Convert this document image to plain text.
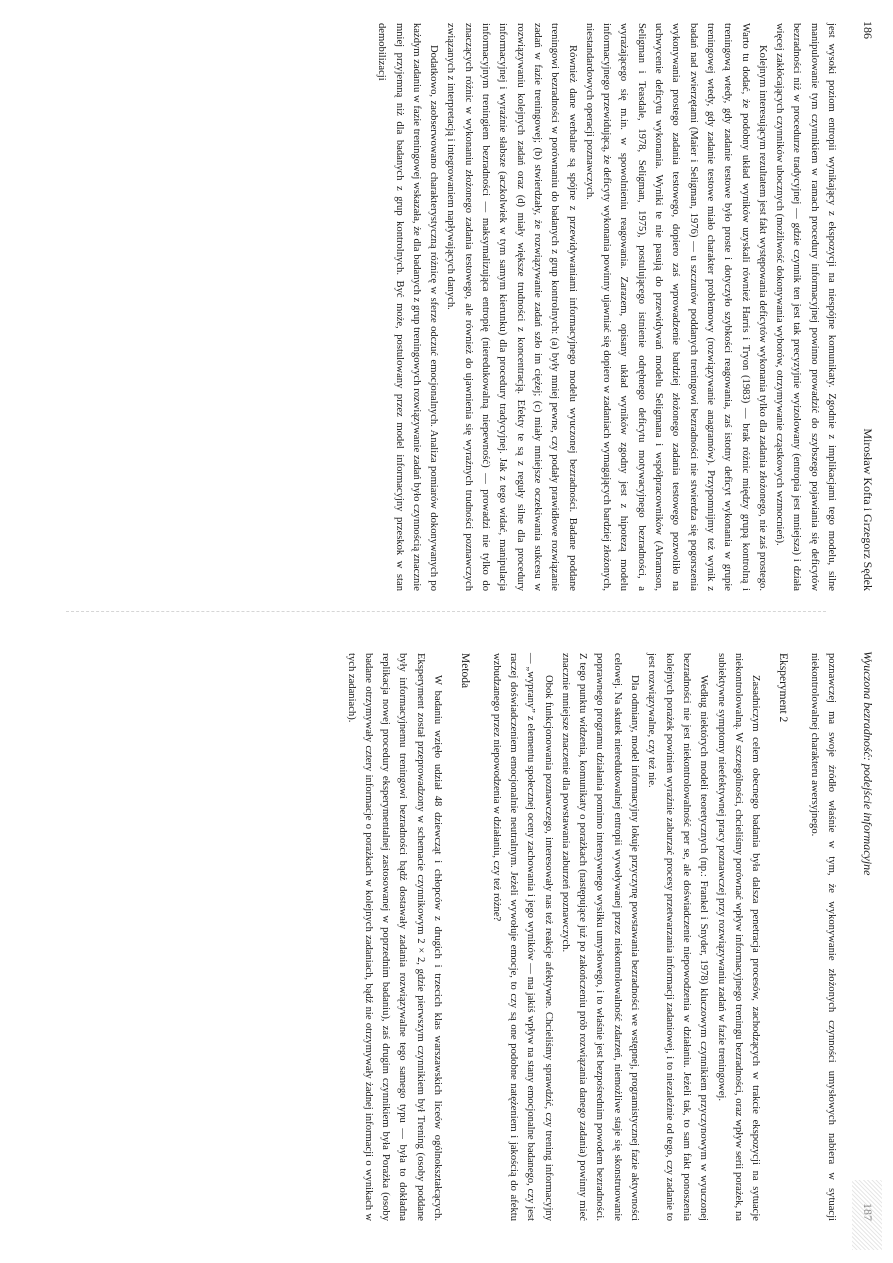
186
Mirosław Kofta i Grzegorz Sędek

jest wysoki poziom entropii wynikający z ekspozycji na niespójne komunikaty. Zgodnie z implikacjami tego modelu, silne manipulowanie tym czynnikiem w ramach procedury informacyjnej powinno prowadzić do szybszego pojawiania się deficytów bezradności niż w procedurze tradycyjnej — gdzie czynnik ten jest tak precyzyjnie wyizolowany (entropia jest mniejsza) i działa więcej zakłócających czynników ubocznych (możliwość dokonywania wyborów, otrzymywanie cząstkowych wzmocnień).

Kolejnym interesującym rezultatem jest fakt występowania deficytów wykonania tylko dla zadania złożonego, nie zaś prostego. Warto tu dodać, że podobny układ wyników uzyskali również Harris i Tryon (1983) — brak różnic między grupą kontrolną i treningową wtedy, gdy zadanie testowe było proste i dotyczyło szybkości reagowania, zaś istotny deficyt wykonania w grupie treningowej wtedy, gdy zadanie testowe miało charakter problemowy (rozwiązywanie anagramów). Przypomnijmy też wynik z badań nad zwierzętami (Maier i Seligman, 1976) — u szczurów poddanych treningowi bezradności nie stwierdza się pogorszenia wykonywania prostego zadania testowego, dopiero zaś wprowadzenie bardziej złożonego zadania testowego pozwoliło na uchwycenie deficytu wykonania. Wyniki te nie pasują do przewidywań modelu Seligmana i współpracowników (Abramson, Seligman i Teasdale, 1978, Seligman, 1975), postulującego istnienie odrębnego deficytu motywacyjnego bezradności, a wyrażającego się m.in. w spowolnieniu reagowania. Zarazem, opisany układ wyników zgodny jest z hipotezą modelu informacyjnego przewidującą, że deficyty wykonania powinny ujawniać się dopiero w zadaniach wymagających bardziej złożonych, niestandardowych operacji poznawczych.

Również dane werbalne są spójne z przewidywaniami informacyjnego modelu wyuczonej bezradności. Badane poddane treningowi bezradności w porównaniu do badanych z grup kontrolnych: (a) były mniej pewne, czy podały prawidłowe rozwiązanie zadań w fazie treningowej; (b) stwierdzały, że rozwiązywanie zadań szło im ciężej; (c) miały mniejsze oczekiwania sukcesu w rozwiązywaniu kolejnych zadań oraz (d) miały większe trudności z koncentracją. Efekty te są z reguły silne dla procedury informacyjnej i wyraźnie słabsze (aczkolwiek w tym samym kierunku) dla procedury tradycyjnej. Jak z tego widać, manipulacja informacyjnym treningiem bezradności — maksymalizująca entropię (nieredukowalną niepewność) — prowadzi nie tylko do znaczących różnic w wykonaniu złożonego zadania testowego, ale również do ujawnienia się wyraźnych trudności poznawczych związanych z interpretacją i integrowaniem napływających danych.

Dodatkowo, zaobserwowano charakterystyczną różnicę w sferze odczuć emocjonalnych. Analiza pomiarów dokonywanych po każdym zadaniu w fazie treningowej wskazała, że dla badanych z grup treningowych rozwiązywanie zadań było czynnością znacznie mniej przyjemną niż dla badanych z grup kontrolnych. Być może, postulowany przez model informacyjny przeskok w stan demobilizacji

Wyuczona bezradność: podejście informacyjne

poznawczej ma swoje źródło właśnie w tym, że wykonywanie złożonych czynności umysłowych nabiera w sytuacji niekontrolowalnej charakteru awersyjnego.

Eksperyment 2

Zasadniczym celem obecnego badania była dalsza penetracja procesów, zachodzących w trakcie ekspozycji na sytuacje niekontrolowalną. W szczególności, chcieliśmy porównać wpływ informacyjnego treningu bezradności, oraz wpływ serii porażek, na subiektywne symptomy nieefektywnej pracy poznawczej przy rozwiązywaniu zadań w fazie treningowej.

Według niektórych modeli teoretycznych (np.: Frankel i Snyder, 1978) kluczowym czynnikiem przyczynowym w wyuczonej bezradności nie jest niekontrolowalność per se, ale doświadczenie niepowodzenia w działaniu. Jeżeli tak, to sam fakt ponoszenia kolejnych porażek powinien wyraźnie zaburzać procesy przetwarzania informacji zadaniowej, i to niezależnie od tego, czy zadanie to jest rozwiązywalne, czy też nie.

Dla odmiany, model informacyjny lokuje przyczynę powstawania bezradności we wstępnej, programistycznej fazie aktywności celowej. Na skutek nieredukowalnej entropii wywoływanej przez niekontrolowalność zdarzeń, niemożliwe staje się skonstruowanie poprawnego programu działania pomimo intensywnego wysiłku umysłowego, i to właśnie jest bezpośrednim powodem bezradności. Z tego punktu widzenia, komunikaty o porażkach (następujące już po zakończeniu prób rozwiązania danego zadania) powinny mieć znacznie mniejsze znaczenie dla powstawania zaburzeń poznawczych.

Obok funkcjonowania poznawczego, interesowały nas też reakcje afektywne. Chcieliśmy sprawdzić, czy trening informacyjny — „wyprany” z elementu społecznej oceny zachowania i jego wyników — ma jakiś wpływ na stany emocjonalne badanego, czy jest raczej doświadczeniem emocjonalnie neutralnym. Jeżeli wywołuje emocje, to czy są one podobne natężeniem i jakością do afektu wzbudzanego przez niepowodzenia w działaniu, czy też różne?

Metoda

W badaniu wzięło udział 48 dziewcząt i chłopców z drugich i trzecich klas warszawskich liceów ogólnokształcących. Eksperyment został przeprowadzony w schemacie czynnikowym 2 × 2, gdzie pierwszym czynnikiem był Trening (osoby poddane były informacyjnemu treningowi bezradności bądź dostawały zadania rozwiązywalne tego samego typu — była to dokładna replikacja nowej procedury eksperymentalnej zastosowanej w poprzednim badaniu), zaś drugim czynnikiem była Porażka (osoby badane otrzymywały cztery informacje o porażkach w kolejnych zadaniach, bądź nie otrzymywały żadnej informacji o wynikach w tych zadaniach).
